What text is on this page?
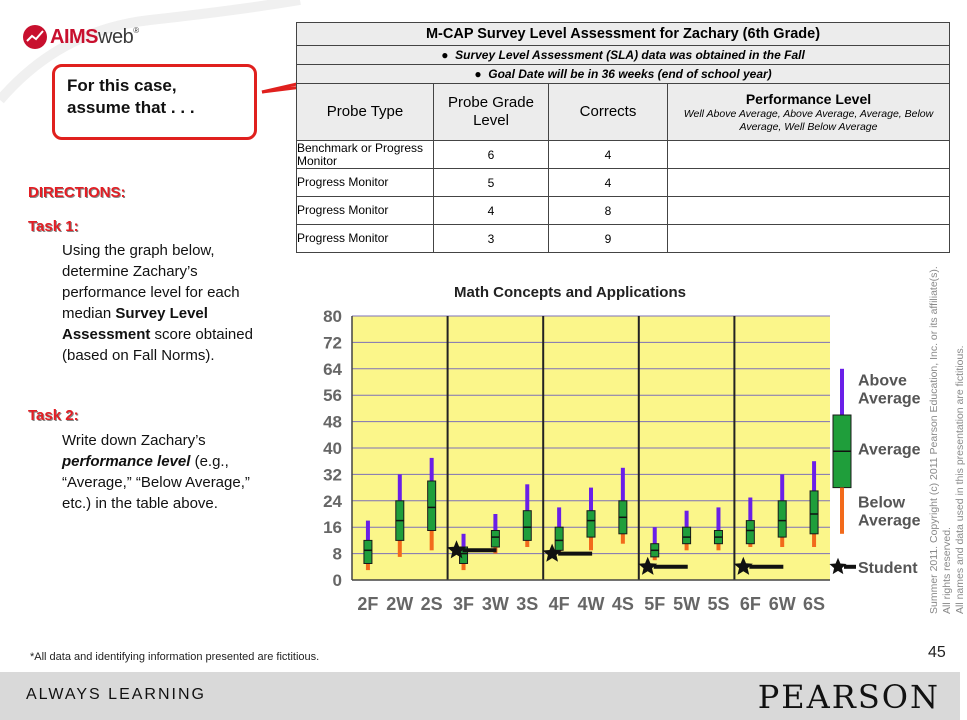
AIMSweb®
For this case, assume that . . .
DIRECTIONS:
Task 1:
Using the graph below, determine Zachary’s performance level for each median Survey Level Assessment score obtained (based on Fall Norms).
Task 2:
Write down Zachary’s performance level (e.g., “Average,” “Below Average,” etc.) in the table above.
M-CAP Survey Level Assessment for Zachary (6th Grade)			
●  Survey Level Assessment (SLA) data was obtained in the Fall			
●  Goal Date will be in 36 weeks (end of school year)			
Probe Type	Probe Grade Level	Corrects	Performance Level
Well Above Average, Above Average, Average, Below Average, Well Below Average

Benchmark or Progress Monitor	6	4	
Progress Monitor	5	4	
Progress Monitor	4	8	
Progress Monitor	3	9	
Math Concepts and Applications
0
8
16
24
32
40
48
56
64
72
80
2F 2W 2S 3F 3W 3S 4F 4W 4S 5F 5W 5S 6F 6W 6S
Above
Average
Average
Below
Average
Student Summer 2011. Copyright (c) 2011 Pearson Education, Inc. or its affiliate(s). All rights reserved. All names and data used in this presentation are fictitious.
*All data and identifying information presented are fictitious.	45
ALWAYS LEARNING	PEARSON
